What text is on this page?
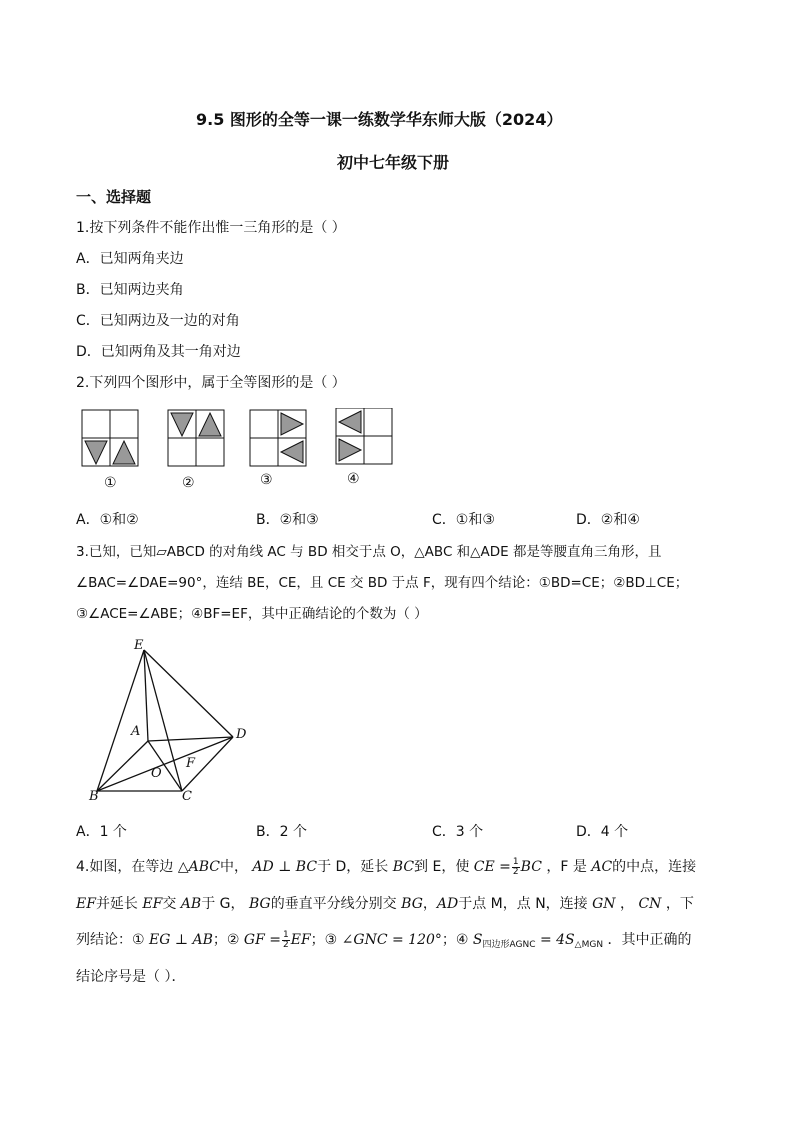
9.5 图形的全等一课一练数学华东师大版（2024）
初中七年级下册
一、选择题
1.按下列条件不能作出惟一三角形的是（ ）
A．已知两角夹边
B．已知两边夹角
C．已知两边及一边的对角
D．已知两角及其一角对边
2.下列四个图形中，属于全等图形的是（ ）
①	②	③	④
A．①和②	B．②和③	C．①和③	D．②和④
3.已知，已知▱ABCD 的对角线 AC 与 BD 相交于点 O，△ABC 和△ADE 都是等腰直角三角形，且
∠BAC=∠DAE=90°，连结 BE，CE，且 CE 交 BD 于点 F，现有四个结论：①BD=CE；②BD⊥CE；
③∠ACE=∠ABE；④BF=EF，其中正确结论的个数为（ ）
E
A	D
O
F
B	C
A．1 个	B．2 个	C．3 个	D．4 个
4.如图，在等边 △ABC中， AD ⊥ BC于 D，延长 BC到 E，使 CE = $\frac{1}{2}$ BC ，F 是 AC的中点，连接
EF并延长 EF交 AB于 G， BG的垂直平分线分别交 BG，AD于点 M，点 N，连接 GN ， CN ，下
列结论：① EG ⊥ AB；② GF = $\frac{1}{2}$ EF；③ ∠GNC = 120°；④ $S_{四边形AGNC} = 4S_{\triangle MGN}$ ．其中正确的
结论序号是（ ）．
